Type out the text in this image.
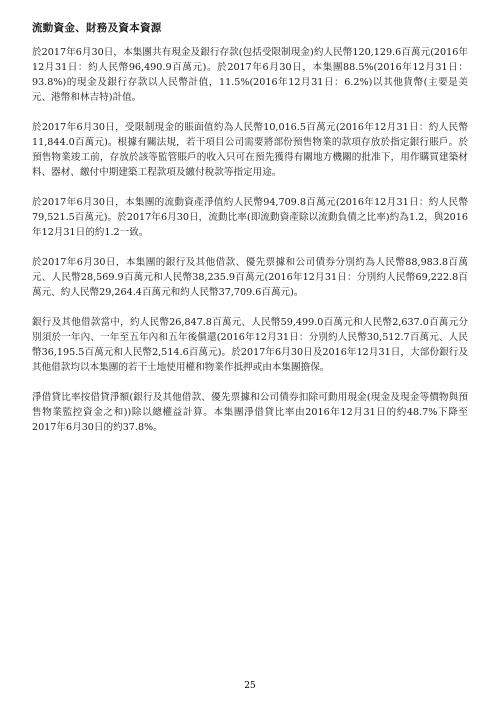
流動資金、財務及資本資源

於2017年6月30日，本集團共有現金及銀行存款(包括受限制現金)約人民幣120,129.6百萬元(2016年12月31日：約人民幣96,490.9百萬元)。於2017年6月30日，本集團88.5%(2016年12月31日：93.8%)的現金及銀行存款以人民幣計值，11.5%(2016年12月31日：6.2%)以其他貨幣(主要是美元、港幣和林吉特)計值。

於2017年6月30日，受限制現金的賬面值約為人民幣10,016.5百萬元(2016年12月31日：約人民幣11,844.0百萬元)。根據有關法規，若干項目公司需要將部份預售物業的款項存放於指定銀行賬戶。於預售物業竣工前，存放於該等監管賬戶的收入只可在預先獲得有關地方機關的批准下，用作購買建築材料、器材、繳付中期建築工程款項及繳付稅款等指定用途。

於2017年6月30日，本集團的流動資產淨值約人民幣94,709.8百萬元(2016年12月31日：約人民幣79,521.5百萬元)。於2017年6月30日，流動比率(即流動資產除以流動負債之比率)約為1.2，與2016年12月31日的約1.2一致。

於2017年6月30日，本集團的銀行及其他借款、優先票據和公司債券分別約為人民幣88,983.8百萬元、人民幣28,569.9百萬元和人民幣38,235.9百萬元(2016年12月31日：分別約人民幣69,222.8百萬元、約人民幣29,264.4百萬元和約人民幣37,709.6百萬元)。

銀行及其他借款當中，約人民幣26,847.8百萬元、人民幣59,499.0百萬元和人民幣2,637.0百萬元分別須於一年內、一年至五年內和五年後償還(2016年12月31日：分別約人民幣30,512.7百萬元、人民幣36,195.5百萬元和人民幣2,514.6百萬元)。於2017年6月30日及2016年12月31日，大部份銀行及其他借款均以本集團的若干土地使用權和物業作抵押或由本集團擔保。

淨借貸比率按借貸淨額(銀行及其他借款、優先票據和公司債券扣除可動用現金(現金及現金等價物與預售物業監控資金之和))除以總權益計算。本集團淨借貸比率由2016年12月31日的約48.7%下降至2017年6月30日的約37.8%。

25
